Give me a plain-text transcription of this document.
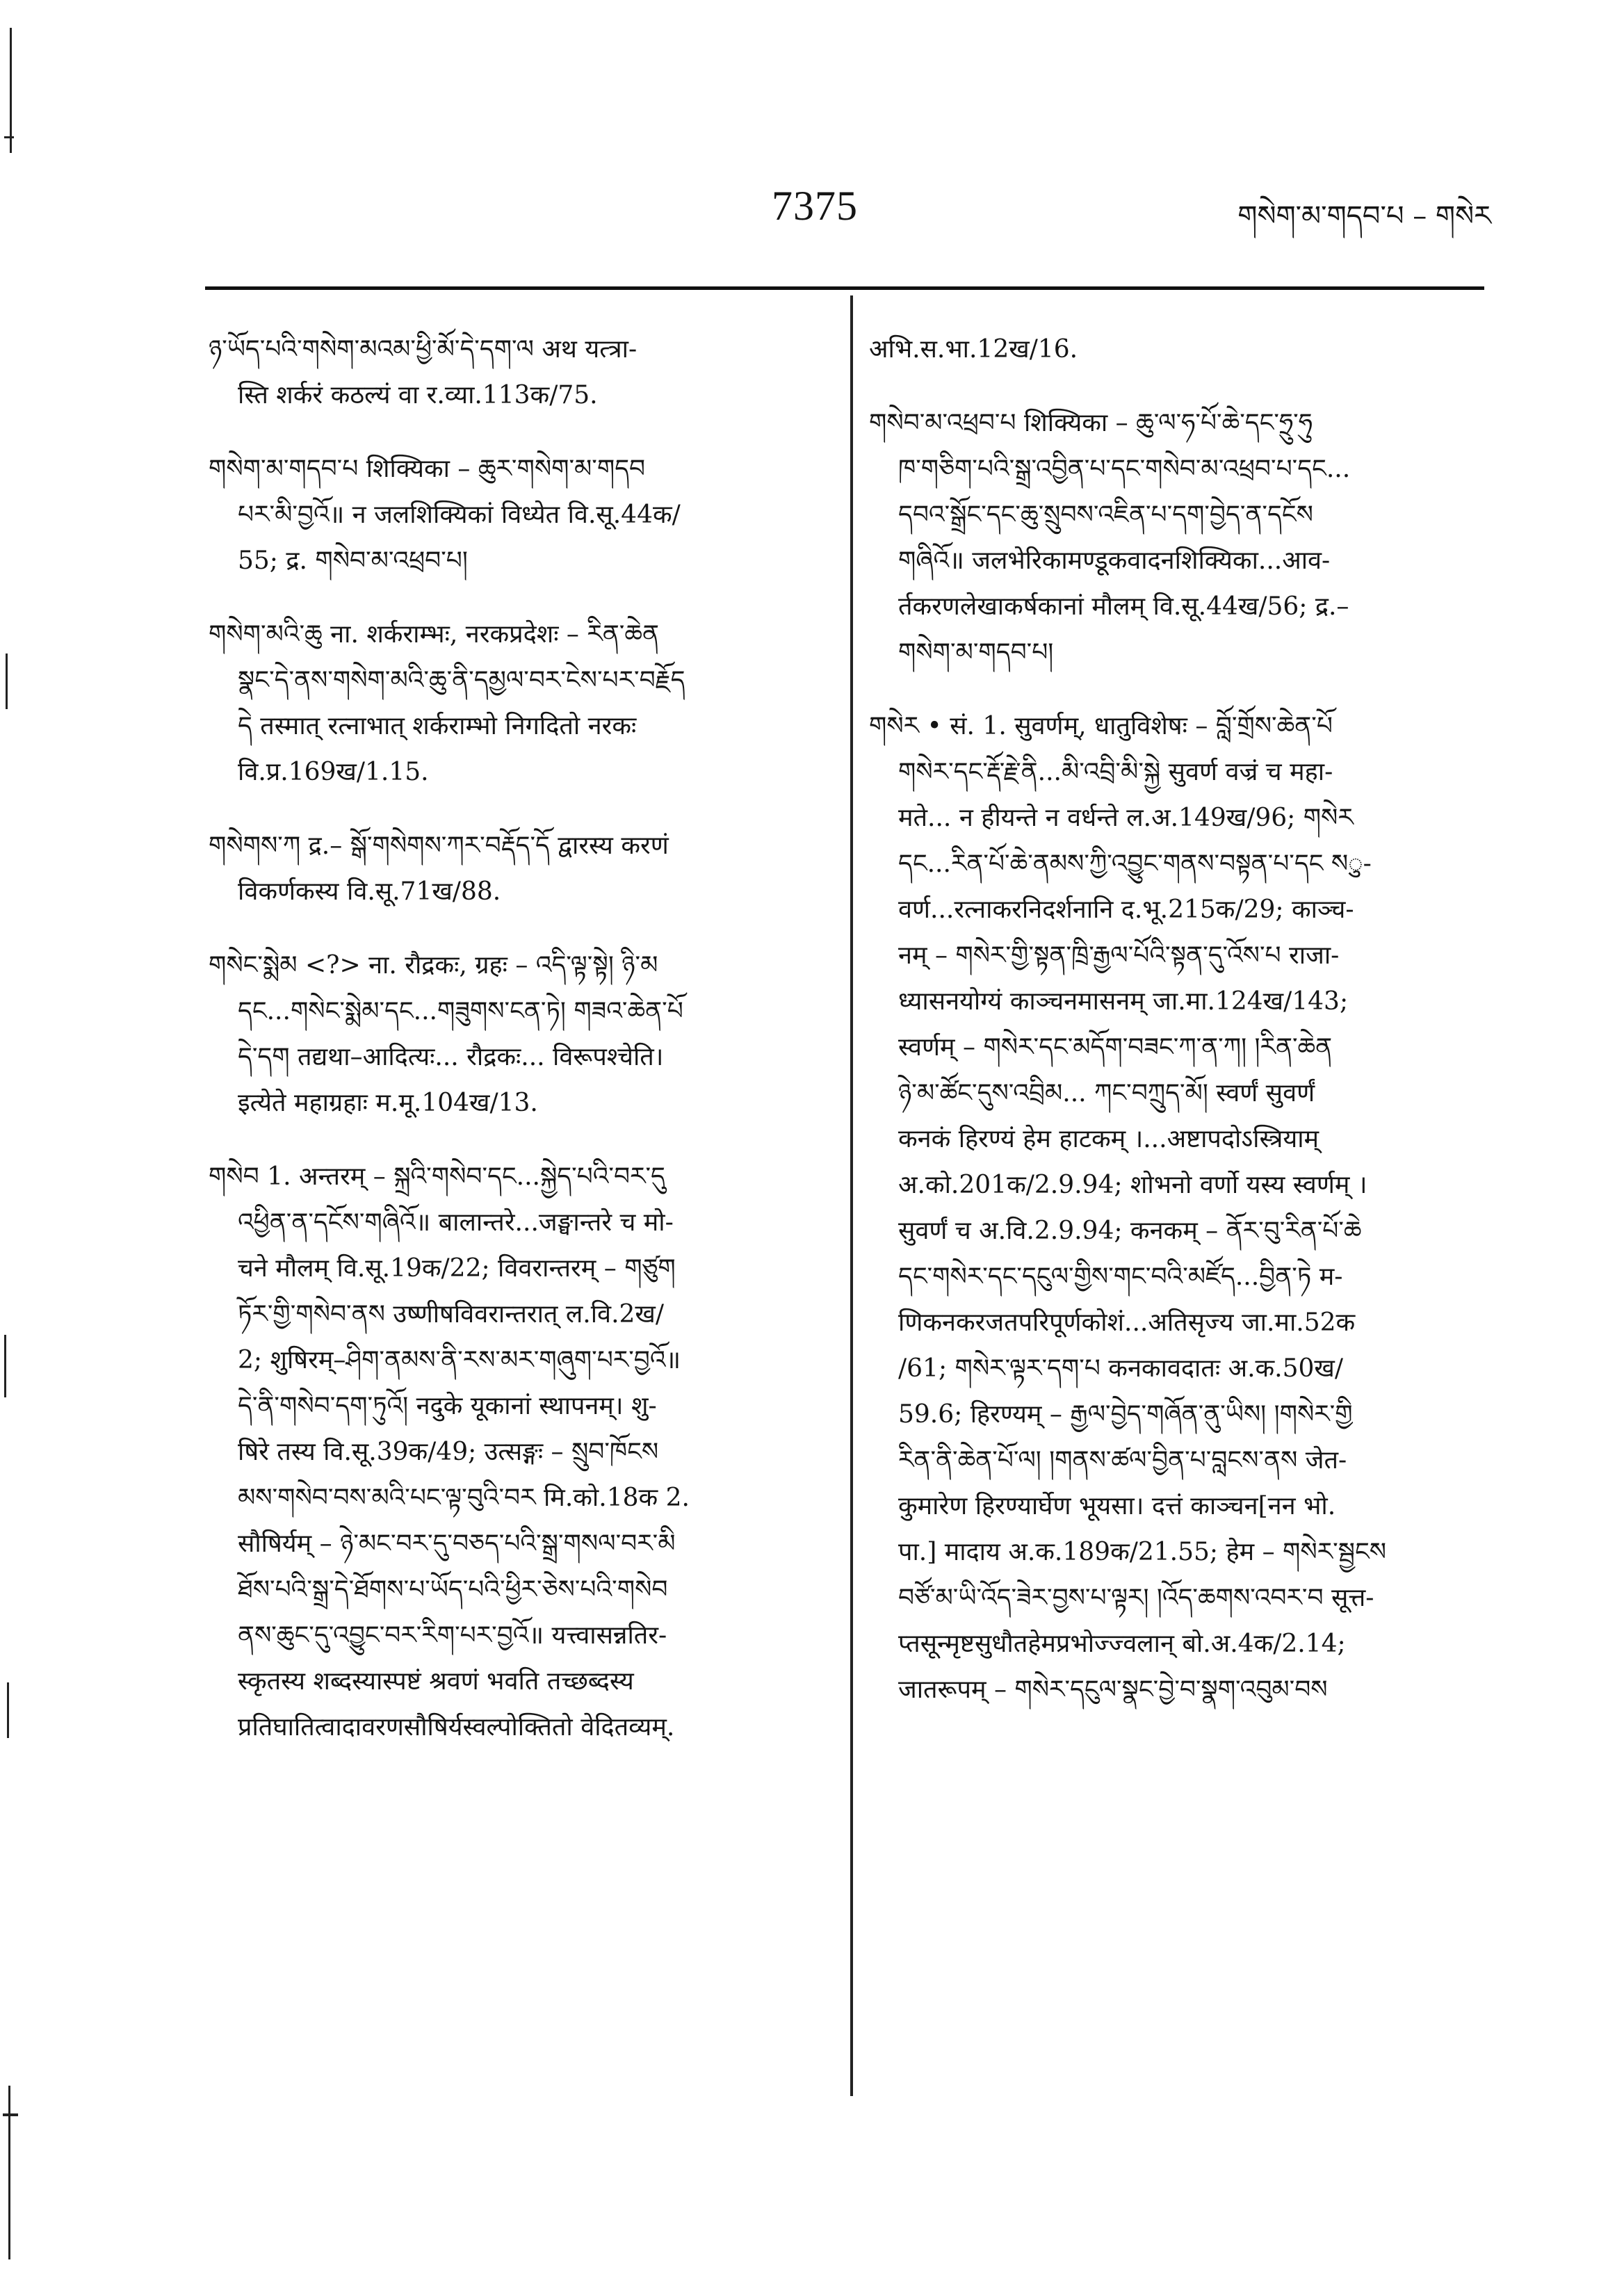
7375	གསེག་མ་གདབ་པ – གསེར
ཉ་ཡོད་པའི་གསེག་མའམ་ཕྱི་མོ་དེ་དག་ལ अथ यत्त्रा-
स्ति शर्करं कठल्यं वा र.व्या.113क/75.
གསེག་མ་གདབ་པ शिक्यिका – ཆུར་གསེག་མ་གདབ
པར་མི་བྱའོ॥ न जलशिक्यिकां विध्येत वि.सू.44क/
55; द्र. གསེབ་མ་འཕྲབ་པ།
གསེག་མའི་ཆུ ना. शर्कराम्भः, नरकप्रदेशः – རིན་ཆེན
སྣང་དེ་ནས་གསེག་མའི་ཆུ་ནི་དམྱལ་བར་ངེས་པར་བརྗོད
དེ तस्मात् रत्नाभात् शर्कराम्भो निगदितो नरकः
वि.प्र.169ख/1.15.
གསེགས་ཀ द्र.– སྒོ་གསེགས་ཀར་བརྡོད་དོ द्वारस्य करणं
विकर्णकस्य वि.सू.71ख/88.
གསེང་སྨེམ <?> ना. रौद्रकः, ग्रहः – འདི་ལྟ་སྟེ། ཉི་མ
དང...གསེང་སྨེམ་དང...གཟུགས་ངན་ཏེ། གཟའ་ཆེན་པོ
དེ་དག तद्यथा–आदित्यः... रौद्रकः... विरूपश्चेति।
इत्येते महाग्रहाः म.मू.104ख/13.
གསེབ 1. अन्तरम् – སྐྲའི་གསེབ་དང...སྐྱེད་པའི་བར་དུ
འཕྱིན་ན་དངོས་གཞིའོ॥ बालान्तरे...जङ्घान्तरे च मो-
चने मौलम् वि.सू.19क/22; विवरान्तरम् – གཙུག
ཏོར་གྱི་གསེབ་ནས उष्णीषविवरान्तरात् ल.वि.2ख/
2; शुषिरम्–ཤིག་ནམས་ནི་རས་མར་གཞུག་པར་བྱའོ॥
དེ་ནི་གསེབ་དག་ཏུའོ། नदुके यूकानां स्थापनम्। शु-
षिरे तस्य वि.सू.39क/49; उत्सङ्गः – སྲུབ་ཁོངས
མས་གསེབ་བས་མའི་པང་ལྟ་བུའི་བར मि.को.18क 2.
सौषिर्यम् – ཉེ་མང་བར་དུ་བཅད་པའི་སྒྲ་གསལ་བར་མི
ཐོས་པའི་སྒྲ་དེ་ཐོགས་པ་ཡོད་པའི་ཕྱིར་ཅེས་པའི་གསེབ
ནས་ཆུང་དུ་འབྱུང་བར་རིག་པར་བྱའོ॥ यत्त्वासन्नतिर-
स्कृतस्य शब्दस्यास्पष्टं श्रवणं भवति तच्छब्दस्य
प्रतिघातित्वादावरणसौषिर्यस्वल्पोक्तितो वेदितव्यम्.
अभि.स.भा.12ख/16.
གསེབ་མ་འཕྲབ་པ शिक्यिका – ཆུ་ལ་ཧ་པོ་ཆེ་དང་ཧྲུ་ཧུ
ཁ་གཅིག་པའི་སྒྲ་འབྱིན་པ་དང་གསེབ་མ་འཕྲབ་པ་དང...
དབའ་སྒྲོང་དང་ཆུ་སྲུབས་འཇིན་པ་དག་བྱེད་ན་དངོས
གཞིའོ॥ जलभेरिकामण्डूकवादनशिक्यिका...आव-
र्तकरणलेखाकर्षकानां मौलम् वि.सू.44ख/56; द्र.–
གསེག་མ་གདབ་པ།
གསེར • सं. 1. सुवर्णम्, धातुविशेषः – བློ་གྲོས་ཆེན་པོ
གསེར་དང་རྡོ་རྗེ་ནི...མི་འབྲི་མི་སྐྱེ सुवर्ण वज्रं च महा-
मते... न हीयन्ते न वर्धन्ते ल.अ.149ख/96; གསེར
དང...རིན་པོ་ཆེ་ནམས་ཀྱི་འབྱུང་གནས་བསྟན་པ་དང སु-
वर्ण...रत्नाकरनिदर्शनानि द.भू.215क/29; काञ्च-
नम् – གསེར་གྱི་སྟན་ཁྲི་རྒྱལ་པོའི་སྟན་དུ་འོས་པ राजा-
ध्यासनयोग्यं काञ्चनमासनम् जा.मा.124ख/143;
स्वर्णम् – གསེར་དང་མདོག་བཟང་ཀ་ན་ཀ། །རིན་ཆེན
ཉེ་མ་ཚོང་དུས་འབྲིམ... ཀང་བཀྲུད་མོ། स्वर्णं सुवर्णं
कनकं हिरण्यं हेम हाटकम् ।...अष्टापदोऽस्त्रियाम्
अ.को.201क/2.9.94; शोभनो वर्णो यस्य स्वर्णम् ।
सुवर्णं च अ.वि.2.9.94; कनकम् – ནོར་བུ་རིན་པོ་ཆེ
དང་གསེར་དང་དངུལ་གྱིས་གང་བའི་མཛོད...བྱིན་ཏེ म-
णिकनकरजतपरिपूर्णकोशं...अतिसृज्य जा.मा.52क
/61; གསེར་ལྟར་དག་པ कनकावदातः अ.क.50ख/
59.6; हिरण्यम् – རྒྱལ་བྱེད་གཞོན་ནུ་ཡིས། །གསེར་གྱི
རིན་ནི་ཆེན་པོ་ལ། །གནས་ཚལ་བྱིན་པ་བླངས་ནས जेत-
कुमारेण हिरण्यार्घेण भूयसा। दत्तं काञ्चन[नन भो.
पा.] मादाय अ.क.189क/21.55; हेम – གསེར་སྦྱངས
བཙོ་མ་ཡི་འོད་ཟེར་བྱས་པ་ལྟར། །འོད་ཆགས་འབར་བ सूत्त-
प्तसून्मृष्टसुधौतहेमप्रभोज्ज्वलान् बो.अ.4क/2.14;
जातरूपम् – གསེར་དངུལ་སྣང་བྱེ་བ་སྣག་འབུམ་བས
